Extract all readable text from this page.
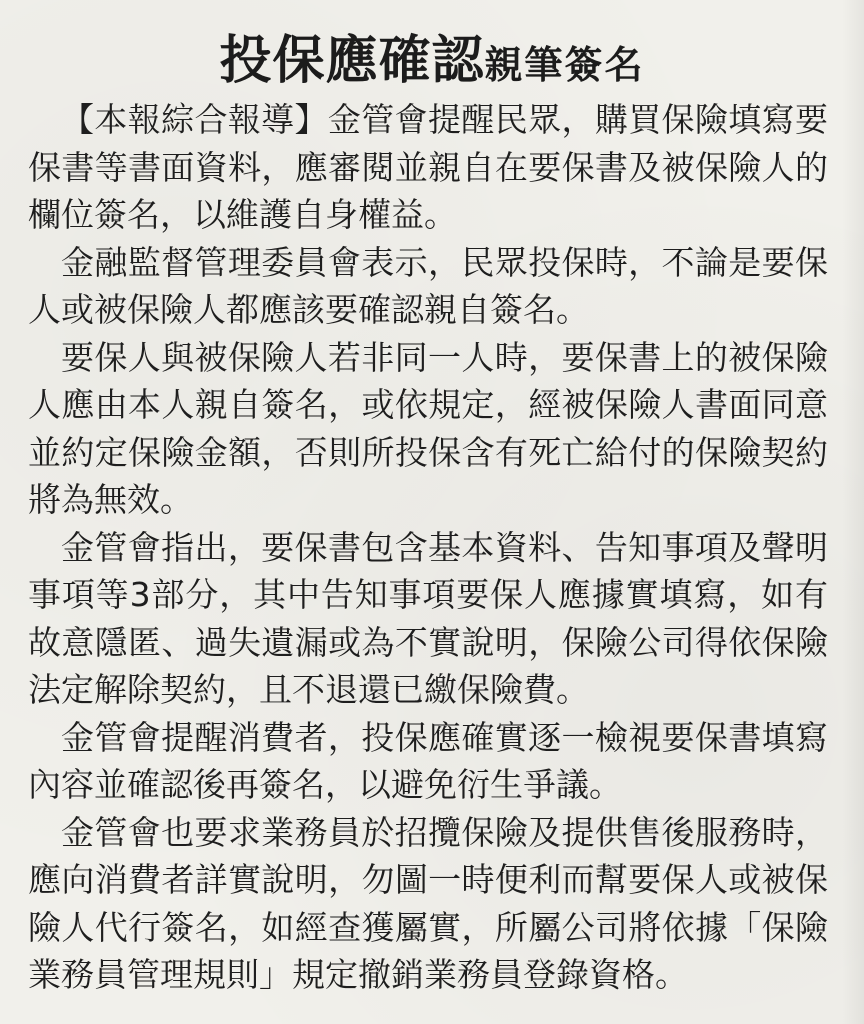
投保應確認親筆簽名

【本報綜合報導】金管會提醒民眾，購買保險填寫要保書等書面資料，應審閱並親自在要保書及被保險人的欄位簽名，以維護自身權益。

金融監督管理委員會表示，民眾投保時，不論是要保人或被保險人都應該要確認親自簽名。

要保人與被保險人若非同一人時，要保書上的被保險人應由本人親自簽名，或依規定，經被保險人書面同意並約定保險金額，否則所投保含有死亡給付的保險契約將為無效。

金管會指出，要保書包含基本資料、告知事項及聲明事項等3部分，其中告知事項要保人應據實填寫，如有故意隱匿、過失遺漏或為不實說明，保險公司得依保險法定解除契約，且不退還已繳保險費。

金管會提醒消費者，投保應確實逐一檢視要保書填寫內容並確認後再簽名，以避免衍生爭議。

金管會也要求業務員於招攬保險及提供售後服務時，應向消費者詳實說明，勿圖一時便利而幫要保人或被保險人代行簽名，如經查獲屬實，所屬公司將依據「保險業務員管理規則」規定撤銷業務員登錄資格。
